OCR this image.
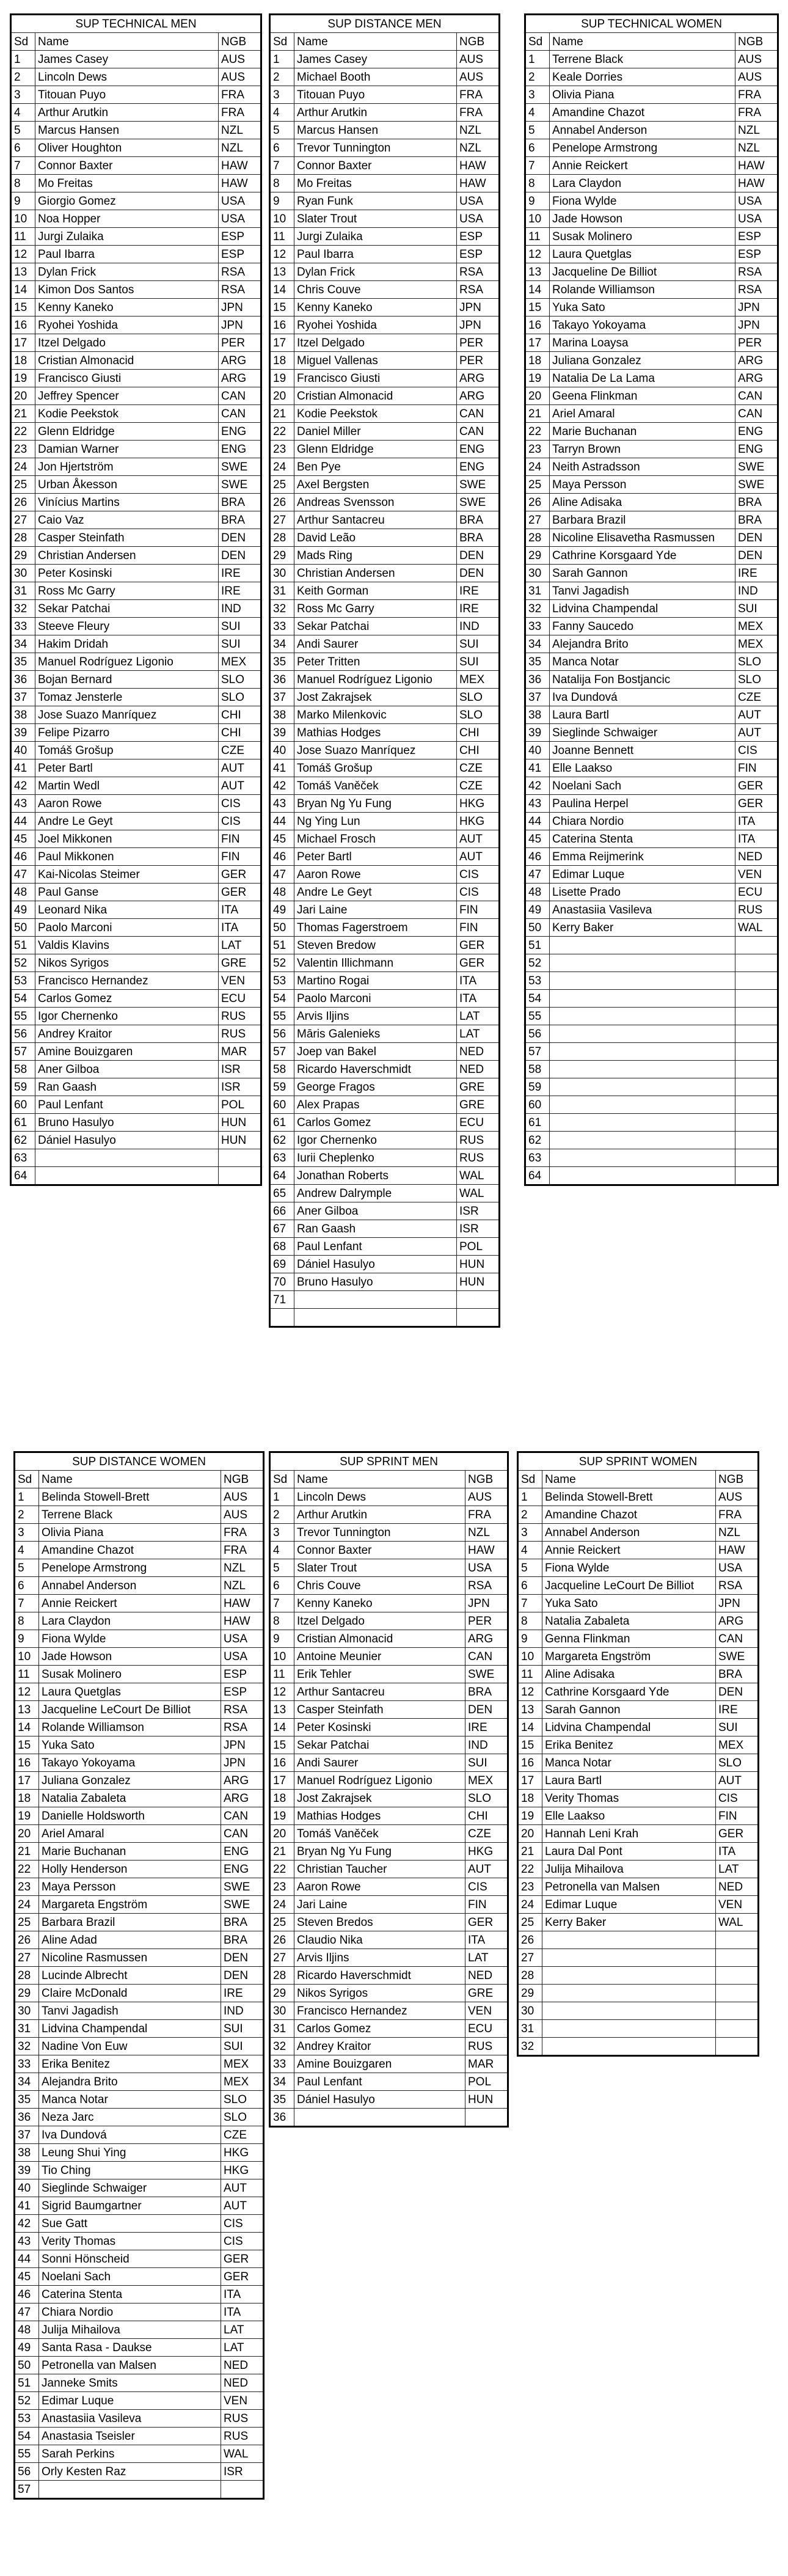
SUP TECHNICAL MEN		
Sd	Name	NGB
1	James Casey	AUS
2	Lincoln Dews	AUS
3	Titouan Puyo	FRA
4	Arthur Arutkin	FRA
5	Marcus Hansen	NZL
6	Oliver Houghton	NZL
7	Connor Baxter	HAW
8	Mo Freitas	HAW
9	Giorgio Gomez	USA
10	Noa Hopper	USA
11	Jurgi Zulaika	ESP
12	Paul Ibarra	ESP
13	Dylan Frick	RSA
14	Kimon Dos Santos	RSA
15	Kenny Kaneko	JPN
16	Ryohei Yoshida	JPN
17	Itzel Delgado	PER
18	Cristian Almonacid	ARG
19	Francisco Giusti	ARG
20	Jeffrey Spencer	CAN
21	Kodie Peekstok	CAN
22	Glenn Eldridge	ENG
23	Damian Warner	ENG
24	Jon Hjertström	SWE
25	Urban Åkesson	SWE
26	Vinícius Martins	BRA
27	Caio Vaz	BRA
28	Casper Steinfath	DEN
29	Christian Andersen	DEN
30	Peter Kosinski	IRE
31	Ross Mc Garry	IRE
32	Sekar Patchai	IND
33	Steeve Fleury	SUI
34	Hakim Dridah	SUI
35	Manuel Rodríguez Ligonio	MEX
36	Bojan Bernard	SLO
37	Tomaz Jensterle	SLO
38	Jose Suazo Manríquez	CHI
39	Felipe Pizarro	CHI
40	Tomáš Grošup	CZE
41	Peter Bartl	AUT
42	Martin Wedl	AUT
43	Aaron Rowe	CIS
44	Andre Le Geyt	CIS
45	Joel Mikkonen	FIN
46	Paul Mikkonen	FIN
47	Kai-Nicolas Steimer	GER
48	Paul Ganse	GER
49	Leonard Nika	ITA
50	Paolo Marconi	ITA
51	Valdis Klavins	LAT
52	Nikos Syrigos	GRE
53	Francisco Hernandez	VEN
54	Carlos Gomez	ECU
55	Igor Chernenko	RUS
56	Andrey Kraitor	RUS
57	Amine Bouizgaren	MAR
58	Aner Gilboa	ISR
59	Ran Gaash	ISR
60	Paul Lenfant	POL
61	Bruno Hasulyo	HUN
62	Dániel Hasulyo	HUN
63		
64		
SUP DISTANCE MEN		
Sd	Name	NGB
1	James Casey	AUS
2	Michael Booth	AUS
3	Titouan Puyo	FRA
4	Arthur Arutkin	FRA
5	Marcus Hansen	NZL
6	Trevor Tunnington	NZL
7	Connor Baxter	HAW
8	Mo Freitas	HAW
9	Ryan Funk	USA
10	Slater Trout	USA
11	Jurgi Zulaika	ESP
12	Paul Ibarra	ESP
13	Dylan Frick	RSA
14	Chris Couve	RSA
15	Kenny Kaneko	JPN
16	Ryohei Yoshida	JPN
17	Itzel Delgado	PER
18	Miguel Vallenas	PER
19	Francisco Giusti	ARG
20	Cristian Almonacid	ARG
21	Kodie Peekstok	CAN
22	Daniel Miller	CAN
23	Glenn Eldridge	ENG
24	Ben Pye	ENG
25	Axel Bergsten	SWE
26	Andreas Svensson	SWE
27	Arthur Santacreu	BRA
28	David Leão	BRA
29	Mads Ring	DEN
30	Christian Andersen	DEN
31	Keith Gorman	IRE
32	Ross Mc Garry	IRE
33	Sekar Patchai	IND
34	Andi Saurer	SUI
35	Peter Tritten	SUI
36	Manuel Rodríguez Ligonio	MEX
37	Jost Zakrajsek	SLO
38	Marko Milenkovic	SLO
39	Mathias Hodges	CHI
40	Jose Suazo Manríquez	CHI
41	Tomáš Grošup	CZE
42	Tomáš Vaněček	CZE
43	Bryan Ng Yu Fung	HKG
44	Ng Ying Lun	HKG
45	Michael Frosch	AUT
46	Peter Bartl	AUT
47	Aaron Rowe	CIS
48	Andre Le Geyt	CIS
49	Jari Laine	FIN
50	Thomas Fagerstroem	FIN
51	Steven Bredow	GER
52	Valentin Illichmann	GER
53	Martino Rogai	ITA
54	Paolo Marconi	ITA
55	Arvis Iljins	LAT
56	Māris Galenieks	LAT
57	Joep van Bakel	NED
58	Ricardo Haverschmidt	NED
59	George Fragos	GRE
60	Alex Prapas	GRE
61	Carlos Gomez	ECU
62	Igor Chernenko	RUS
63	Iurii Cheplenko	RUS
64	Jonathan Roberts	WAL
65	Andrew Dalrymple	WAL
66	Aner Gilboa	ISR
67	Ran Gaash	ISR
68	Paul Lenfant	POL
69	Dániel Hasulyo	HUN
70	Bruno Hasulyo	HUN
71		

SUP TECHNICAL WOMEN		
Sd	Name	NGB
1	Terrene Black	AUS
2	Keale Dorries	AUS
3	Olivia Piana	FRA
4	Amandine Chazot	FRA
5	Annabel Anderson	NZL
6	Penelope Armstrong	NZL
7	Annie Reickert	HAW
8	Lara Claydon	HAW
9	Fiona Wylde	USA
10	Jade Howson	USA
11	Susak Molinero	ESP
12	Laura Quetglas	ESP
13	Jacqueline De Billiot	RSA
14	Rolande Williamson	RSA
15	Yuka Sato	JPN
16	Takayo Yokoyama	JPN
17	Marina Loaysa	PER
18	Juliana Gonzalez	ARG
19	Natalia De La Lama	ARG
20	Geena Flinkman	CAN
21	Ariel Amaral	CAN
22	Marie Buchanan	ENG
23	Tarryn Brown	ENG
24	Neith Astradsson	SWE
25	Maya Persson	SWE
26	Aline Adisaka	BRA
27	Barbara Brazil	BRA
28	Nicoline Elisavetha Rasmussen	DEN
29	Cathrine Korsgaard Yde	DEN
30	Sarah Gannon	IRE
31	Tanvi Jagadish	IND
32	Lidvina Champendal	SUI
33	Fanny Saucedo	MEX
34	Alejandra Brito	MEX
35	Manca Notar	SLO
36	Natalija Fon Bostjancic	SLO
37	Iva Dundová	CZE
38	Laura Bartl	AUT
39	Sieglinde Schwaiger	AUT
40	Joanne Bennett	CIS
41	Elle Laakso	FIN
42	Noelani Sach	GER
43	Paulina Herpel	GER
44	Chiara Nordio	ITA
45	Caterina Stenta	ITA
46	Emma Reijmerink	NED
47	Edimar Luque	VEN
48	Lisette Prado	ECU
49	Anastasiia Vasileva	RUS
50	Kerry Baker	WAL
51		
52		
53		
54		
55		
56		
57		
58		
59		
60		
61		
62		
63		
64		
SUP DISTANCE WOMEN		
Sd	Name	NGB
1	Belinda Stowell-Brett	AUS
2	Terrene Black	AUS
3	Olivia Piana	FRA
4	Amandine Chazot	FRA
5	Penelope Armstrong	NZL
6	Annabel Anderson	NZL
7	Annie Reickert	HAW
8	Lara Claydon	HAW
9	Fiona Wylde	USA
10	Jade Howson	USA
11	Susak Molinero	ESP
12	Laura Quetglas	ESP
13	Jacqueline LeCourt De Billiot	RSA
14	Rolande Williamson	RSA
15	Yuka Sato	JPN
16	Takayo Yokoyama	JPN
17	Juliana Gonzalez	ARG
18	Natalia Zabaleta	ARG
19	Danielle Holdsworth	CAN
20	Ariel Amaral	CAN
21	Marie Buchanan	ENG
22	Holly Henderson	ENG
23	Maya Persson	SWE
24	Margareta Engström	SWE
25	Barbara Brazil	BRA
26	Aline Adad	BRA
27	Nicoline Rasmussen	DEN
28	Lucinde Albrecht	DEN
29	Claire McDonald	IRE
30	Tanvi Jagadish	IND
31	Lidvina Champendal	SUI
32	Nadine Von Euw	SUI
33	Erika Benitez	MEX
34	Alejandra Brito	MEX
35	Manca Notar	SLO
36	Neza Jarc	SLO
37	Iva Dundová	CZE
38	Leung Shui Ying	HKG
39	Tio Ching	HKG
40	Sieglinde Schwaiger	AUT
41	Sigrid Baumgartner	AUT
42	Sue Gatt	CIS
43	Verity Thomas	CIS
44	Sonni Hönscheid	GER
45	Noelani Sach	GER
46	Caterina Stenta	ITA
47	Chiara Nordio	ITA
48	Julija Mihailova	LAT
49	Santa Rasa - Daukse	LAT
50	Petronella van Malsen	NED
51	Janneke Smits	NED
52	Edimar Luque	VEN
53	Anastasiia Vasileva	RUS
54	Anastasia Tseisler	RUS
55	Sarah Perkins	WAL
56	Orly Kesten Raz	ISR
57		
SUP SPRINT MEN		
Sd	Name	NGB
1	Lincoln Dews	AUS
2	Arthur Arutkin	FRA
3	Trevor Tunnington	NZL
4	Connor Baxter	HAW
5	Slater Trout	USA
6	Chris Couve	RSA
7	Kenny Kaneko	JPN
8	Itzel Delgado	PER
9	Cristian Almonacid	ARG
10	Antoine Meunier	CAN
11	Erik Tehler	SWE
12	Arthur Santacreu	BRA
13	Casper Steinfath	DEN
14	Peter Kosinski	IRE
15	Sekar Patchai	IND
16	Andi Saurer	SUI
17	Manuel Rodríguez Ligonio	MEX
18	Jost Zakrajsek	SLO
19	Mathias Hodges	CHI
20	Tomáš Vaněček	CZE
21	Bryan Ng Yu Fung	HKG
22	Christian Taucher	AUT
23	Aaron Rowe	CIS
24	Jari Laine	FIN
25	Steven Bredos	GER
26	Claudio Nika	ITA
27	Arvis Iljins	LAT
28	Ricardo Haverschmidt	NED
29	Nikos Syrigos	GRE
30	Francisco Hernandez	VEN
31	Carlos Gomez	ECU
32	Andrey Kraitor	RUS
33	Amine Bouizgaren	MAR
34	Paul Lenfant	POL
35	Dániel Hasulyo	HUN
36		
SUP SPRINT WOMEN		
Sd	Name	NGB
1	Belinda Stowell-Brett	AUS
2	Amandine Chazot	FRA
3	Annabel Anderson	NZL
4	Annie Reickert	HAW
5	Fiona Wylde	USA
6	Jacqueline LeCourt De Billiot	RSA
7	Yuka Sato	JPN
8	Natalia Zabaleta	ARG
9	Genna Flinkman	CAN
10	Margareta Engström	SWE
11	Aline Adisaka	BRA
12	Cathrine Korsgaard Yde	DEN
13	Sarah Gannon	IRE
14	Lidvina Champendal	SUI
15	Erika Benitez	MEX
16	Manca Notar	SLO
17	Laura Bartl	AUT
18	Verity Thomas	CIS
19	Elle Laakso	FIN
20	Hannah Leni Krah	GER
21	Laura Dal Pont	ITA
22	Julija Mihailova	LAT
23	Petronella van Malsen	NED
24	Edimar Luque	VEN
25	Kerry Baker	WAL
26		
27		
28		
29		
30		
31		
32		
